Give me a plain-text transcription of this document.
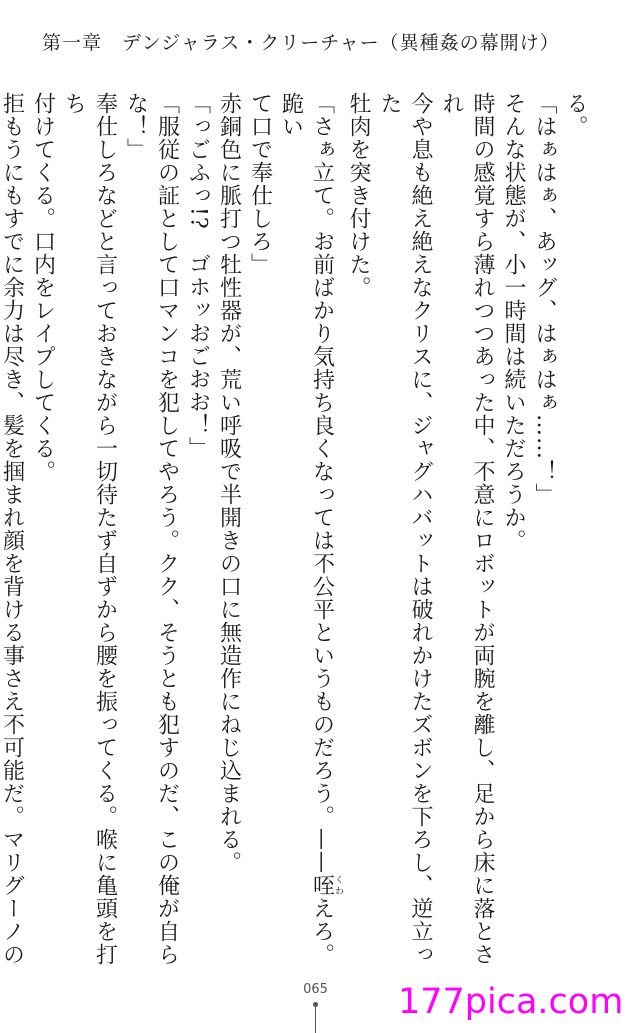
第一章　デンジャラス・クリーチャー（異種姦の幕開け）

る。

「はぁはぁ、あッグ、はぁはぁ……！」

そんな状態が、小一時間は続いただろうか。

時間の感覚すら薄れつつあった中、不意にロボットが両腕を離し、足から床に落とされ

今や息も絶え絶えなクリスに、ジャグハバットは破れかけたズボンを下ろし、逆立った

牡肉を突き付けた。

「さぁ立て。お前ばかり気持ち良くなっては不公平というものだろう。——咥くわえろ。跪い

て口で奉仕しろ」

赤銅色に脈打つ牡性器が、荒い呼吸で半開きの口に無造作にねじ込まれる。

「っごふっ!?　ゴホッおごおお！」

「服従の証として口マンコを犯してやろう。クク、そうとも犯すのだ、この俺が自らな！」

奉仕しろなどと言っておきながら一切待たず自ずから腰を振ってくる。喉に亀頭を打ち

付けてくる。口内をレイプしてくる。

拒もうにもすでに余力は尽き、髪を掴まれ顔を背ける事さえ不可能だ。マリグーノの

065	177pica.com
